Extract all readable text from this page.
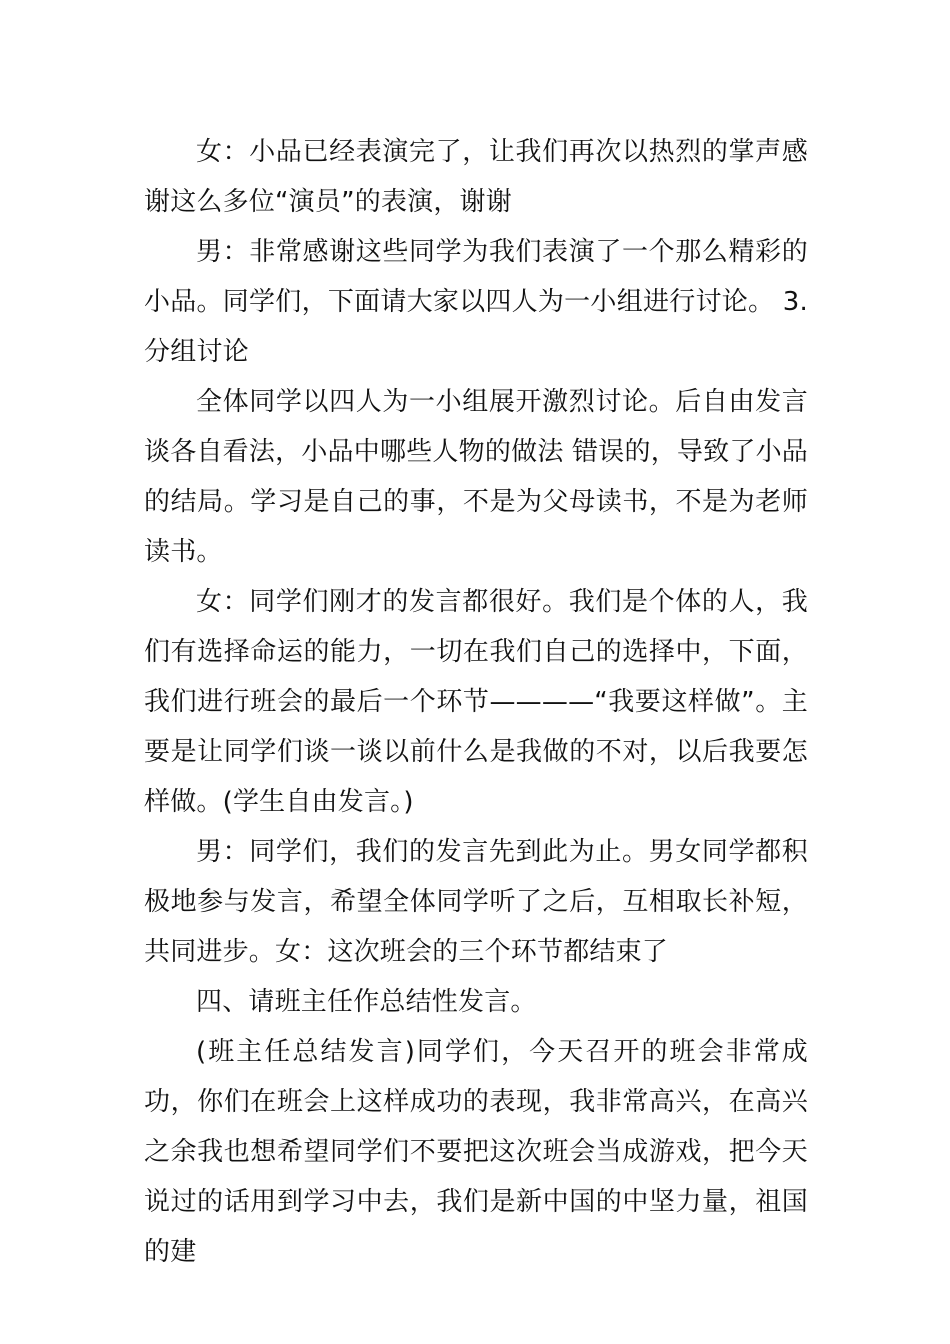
女：小品已经表演完了，让我们再次以热烈的掌声感谢这么多位“演员”的表演，谢谢

男：非常感谢这些同学为我们表演了一个那么精彩的小品。同学们，下面请大家以四人为一小组进行讨论。 3.分组讨论

全体同学以四人为一小组展开激烈讨论。后自由发言谈各自看法，小品中哪些人物的做法 错误的，导致了小品的结局。学习是自己的事，不是为父母读书，不是为老师读书。

女：同学们刚才的发言都很好。我们是个体的人，我们有选择命运的能力，一切在我们自己的选择中，下面，我们进行班会的最后一个环节————“我要这样做”。主要是让同学们谈一谈以前什么是我做的不对，以后我要怎样做。(学生自由发言。)

男：同学们，我们的发言先到此为止。男女同学都积极地参与发言，希望全体同学听了之后，互相取长补短，共同进步。女：这次班会的三个环节都结束了

四、请班主任作总结性发言。

(班主任总结发言)同学们，今天召开的班会非常成功，你们在班会上这样成功的表现，我非常高兴，在高兴之余我也想希望同学们不要把这次班会当成游戏，把今天说过的话用到学习中去，我们是新中国的中坚力量，祖国的建
